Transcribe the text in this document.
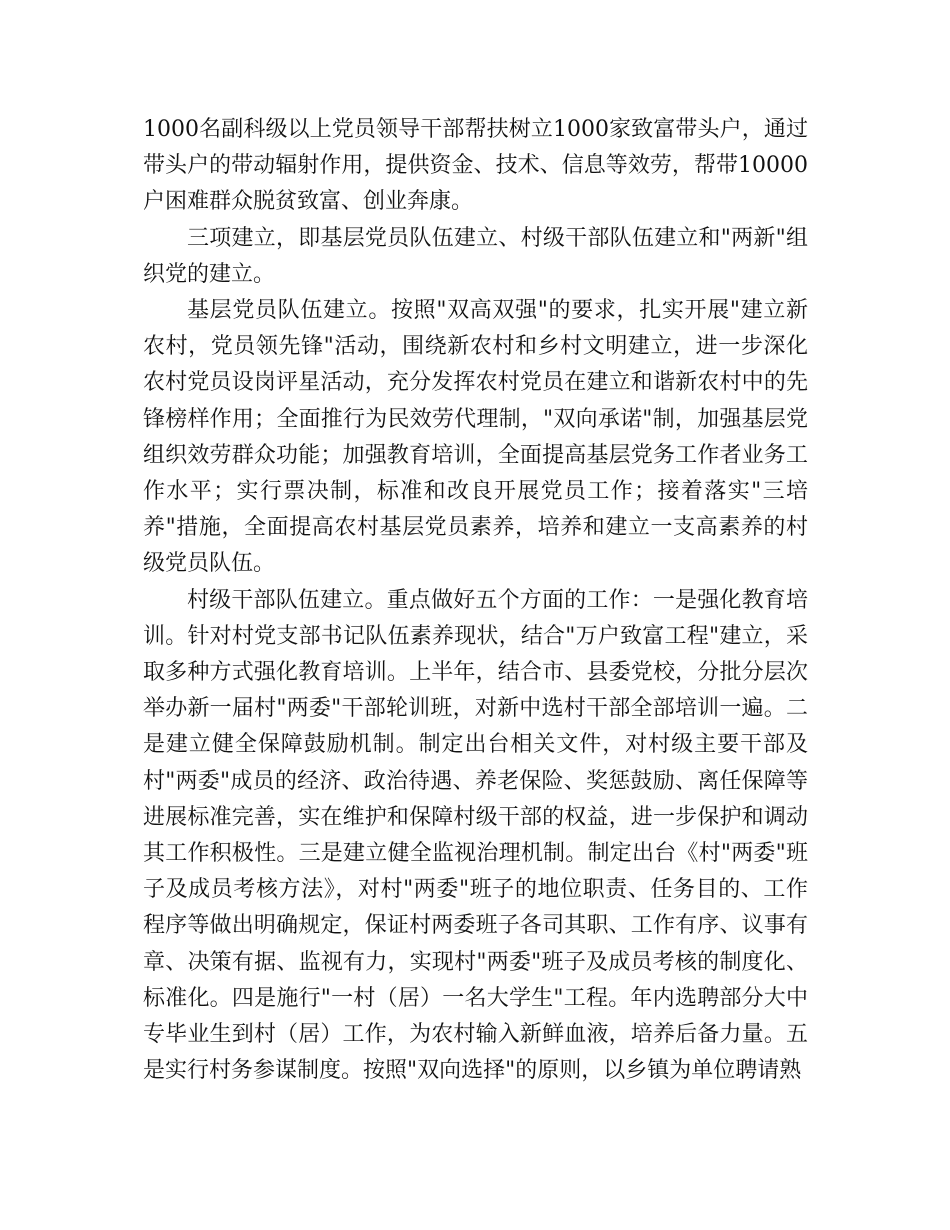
1000名副科级以上党员领导干部帮扶树立1000家致富带头户，通过带头户的带动辐射作用，提供资金、技术、信息等效劳，帮带10000户困难群众脱贫致富、创业奔康。

三项建立，即基层党员队伍建立、村级干部队伍建立和"两新"组织党的建立。

基层党员队伍建立。按照"双高双强"的要求，扎实开展"建立新农村，党员领先锋"活动，围绕新农村和乡村文明建立，进一步深化农村党员设岗评星活动，充分发挥农村党员在建立和谐新农村中的先锋榜样作用；全面推行为民效劳代理制，"双向承诺"制，加强基层党组织效劳群众功能；加强教育培训，全面提高基层党务工作者业务工作水平；实行票决制，标准和改良开展党员工作；接着落实"三培养"措施，全面提高农村基层党员素养，培养和建立一支高素养的村级党员队伍。

村级干部队伍建立。重点做好五个方面的工作：一是强化教育培训。针对村党支部书记队伍素养现状，结合"万户致富工程"建立，采取多种方式强化教育培训。上半年，结合市、县委党校，分批分层次举办新一届村"两委"干部轮训班，对新中选村干部全部培训一遍。二是建立健全保障鼓励机制。制定出台相关文件，对村级主要干部及村"两委"成员的经济、政治待遇、养老保险、奖惩鼓励、离任保障等进展标准完善，实在维护和保障村级干部的权益，进一步保护和调动其工作积极性。三是建立健全监视治理机制。制定出台《村"两委"班子及成员考核方法》，对村"两委"班子的地位职责、任务目的、工作程序等做出明确规定，保证村两委班子各司其职、工作有序、议事有章、决策有据、监视有力，实现村"两委"班子及成员考核的制度化、标准化。四是施行"一村（居）一名大学生"工程。年内选聘部分大中专毕业生到村（居）工作，为农村输入新鲜血液，培养后备力量。五是实行村务参谋制度。按照"双向选择"的原则，以乡镇为单位聘请熟
